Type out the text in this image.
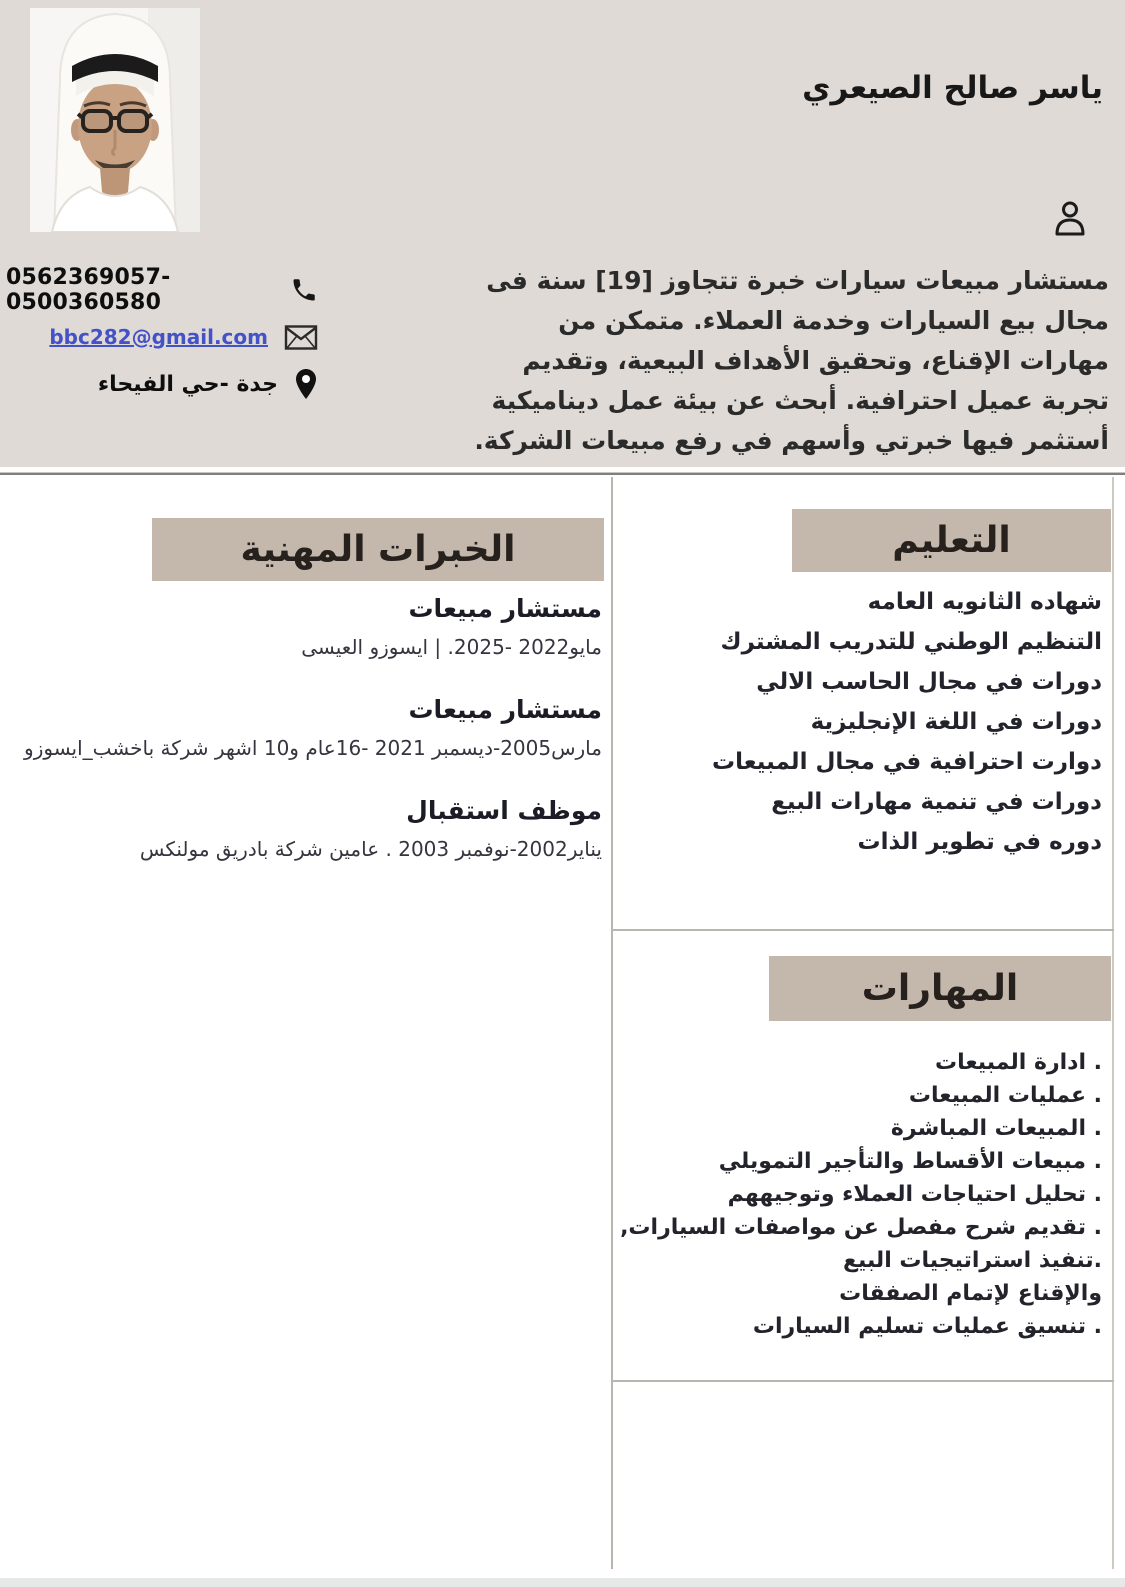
ياسر صالح الصيعري
مستشار مبيعات سيارات خبرة تتجاوز [19] سنة فى مجال بيع السيارات وخدمة العملاء. متمكن من مهارات الإقناع، وتحقيق الأهداف البيعية، وتقديم تجربة عميل احترافية. أبحث عن بيئة عمل ديناميكية أستثمر فيها خبرتي وأسهم في رفع مبيعات الشركة.
0562369057-0500360580
bbc282@gmail.com
جدة -حي الفيحاء
الخبرات المهنية
مستشار مبيعات
مايو2022 -2025. | ايسوزو العيسى
مستشار مبيعات
مارس2005-ديسمبر 2021 -16عام و10 اشهر شركة باخشب_ايسوزو
موظف استقبال
يناير2002-نوفمبر 2003 . عامين شركة بادريق مولنكس
التعليم
شهاده الثانويه العامه
التنظيم الوطني للتدريب المشترك
دورات في مجال الحاسب الالي
دورات في اللغة الإنجليزية
دوارت احترافية في مجال المبيعات
دورات في تنمية مهارات البيع
دوره في تطوير الذات
المهارات
. ادارة المبيعات
. عمليات المبيعات
. المبيعات المباشرة
. مبيعات الأقساط والتأجير التمويلي
. تحليل احتياجات العملاء وتوجيههم
. تقديم شرح مفصل عن مواصفات السيارات,
.تنفيذ استراتيجيات البيع
والإقناع لإتمام الصفقات
. تنسيق عمليات تسليم السيارات
